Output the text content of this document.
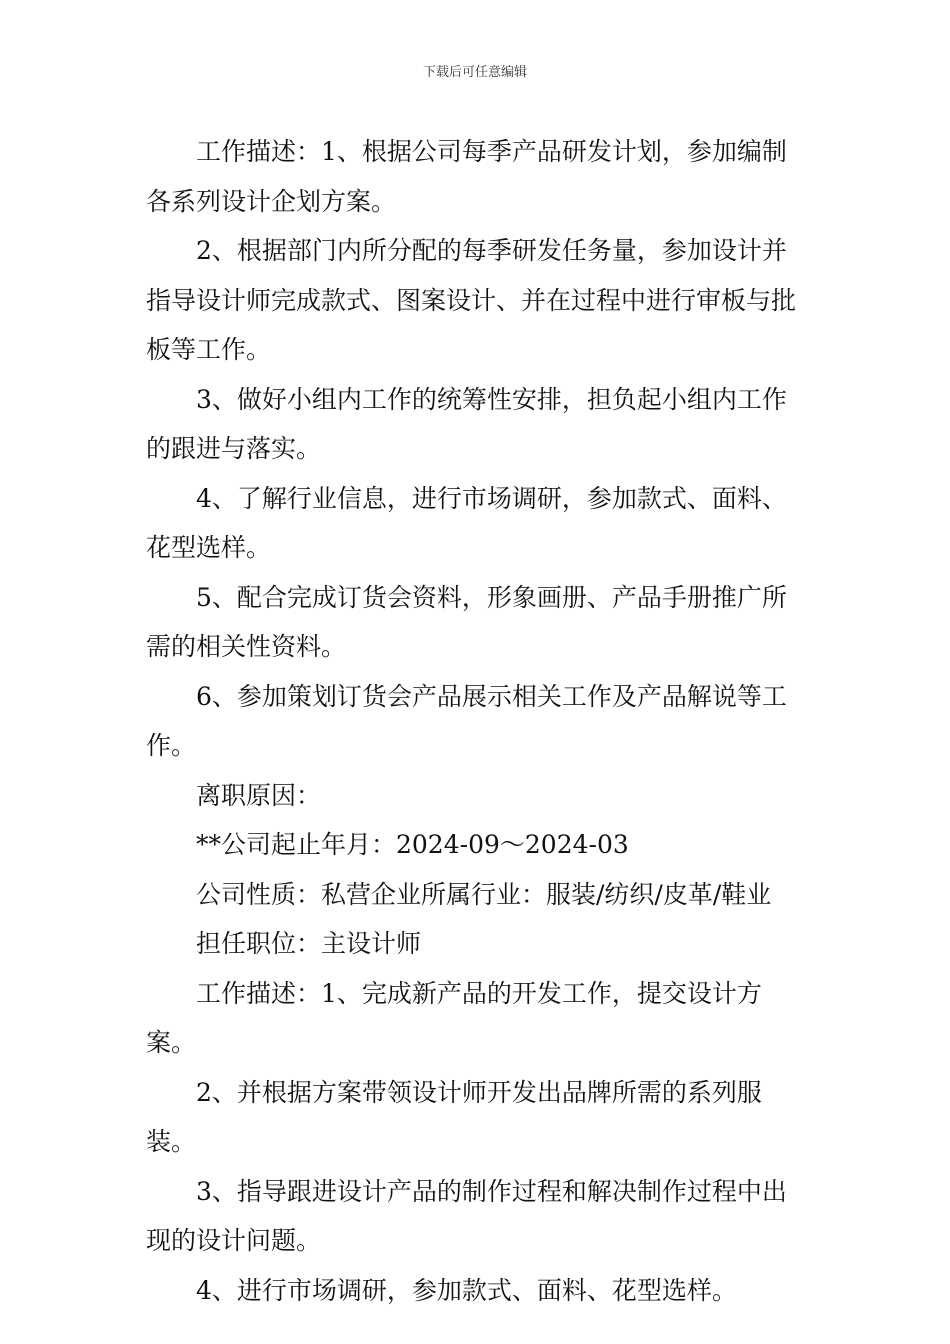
下载后可任意编辑

工作描述：1、根据公司每季产品研发计划，参加编制各系列设计企划方案。

2、根据部门内所分配的每季研发任务量，参加设计并指导设计师完成款式、图案设计、并在过程中进行审板与批板等工作。

3、做好小组内工作的统筹性安排，担负起小组内工作的跟进与落实。

4、了解行业信息，进行市场调研，参加款式、面料、花型选样。

5、配合完成订货会资料，形象画册、产品手册推广所需的相关性资料。

6、参加策划订货会产品展示相关工作及产品解说等工作。

离职原因：

**公司起止年月：2024-09～2024-03

公司性质：私营企业所属行业：服装/纺织/皮革/鞋业

担任职位：主设计师

工作描述：1、完成新产品的开发工作，提交设计方案。

2、并根据方案带领设计师开发出品牌所需的系列服装。

3、指导跟进设计产品的制作过程和解决制作过程中出现的设计问题。

4、进行市场调研，参加款式、面料、花型选样。
